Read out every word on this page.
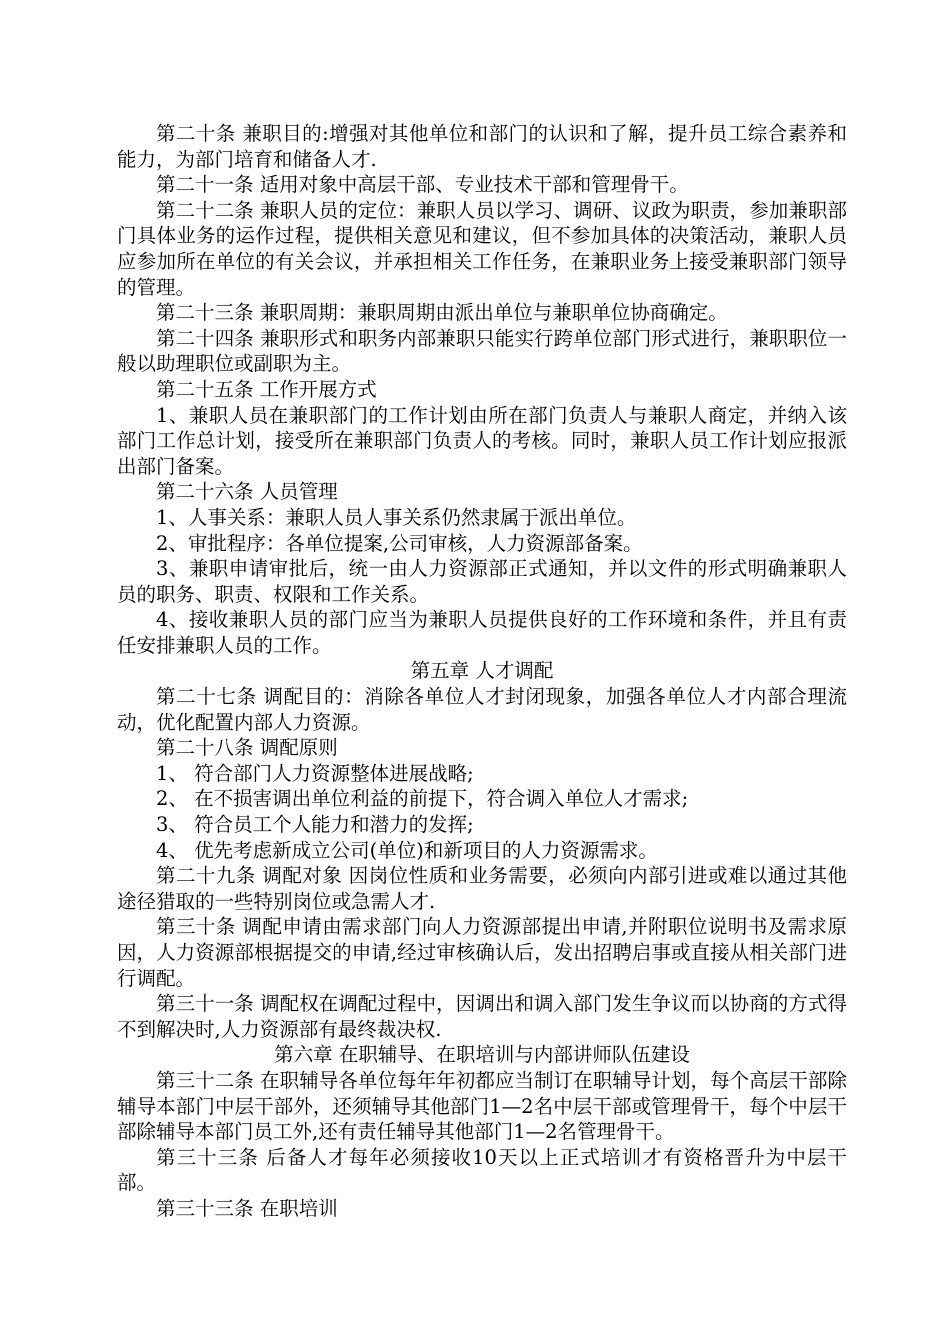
第二十条 兼职目的:增强对其他单位和部门的认识和了解，提升员工综合素养和能力，为部门培育和储备人才.

第二十一条 适用对象中高层干部、专业技术干部和管理骨干。

第二十二条 兼职人员的定位：兼职人员以学习、调研、议政为职责，参加兼职部门具体业务的运作过程，提供相关意见和建议，但不参加具体的决策活动，兼职人员应参加所在单位的有关会议，并承担相关工作任务，在兼职业务上接受兼职部门领导的管理。

第二十三条 兼职周期：兼职周期由派出单位与兼职单位协商确定。

第二十四条 兼职形式和职务内部兼职只能实行跨单位部门形式进行，兼职职位一般以助理职位或副职为主。

第二十五条 工作开展方式

1、兼职人员在兼职部门的工作计划由所在部门负责人与兼职人商定，并纳入该部门工作总计划，接受所在兼职部门负责人的考核。同时，兼职人员工作计划应报派出部门备案。

第二十六条 人员管理

1、人事关系：兼职人员人事关系仍然隶属于派出单位。

2、审批程序：各单位提案,公司审核，人力资源部备案。

3、兼职申请审批后，统一由人力资源部正式通知，并以文件的形式明确兼职人员的职务、职责、权限和工作关系。

4、接收兼职人员的部门应当为兼职人员提供良好的工作环境和条件，并且有责任安排兼职人员的工作。

第五章 人才调配

第二十七条 调配目的：消除各单位人才封闭现象，加强各单位人才内部合理流动，优化配置内部人力资源。

第二十八条 调配原则

1、 符合部门人力资源整体进展战略;

2、 在不损害调出单位利益的前提下，符合调入单位人才需求;

3、 符合员工个人能力和潜力的发挥;

4、 优先考虑新成立公司(单位)和新项目的人力资源需求。

第二十九条 调配对象 因岗位性质和业务需要，必须向内部引进或难以通过其他途径猎取的一些特别岗位或急需人才.

第三十条 调配申请由需求部门向人力资源部提出申请,并附职位说明书及需求原因，人力资源部根据提交的申请,经过审核确认后，发出招聘启事或直接从相关部门进行调配。

第三十一条 调配权在调配过程中，因调出和调入部门发生争议而以协商的方式得不到解决时,人力资源部有最终裁决权.

第六章 在职辅导、在职培训与内部讲师队伍建设

第三十二条 在职辅导各单位每年年初都应当制订在职辅导计划，每个高层干部除辅导本部门中层干部外，还须辅导其他部门1—2名中层干部或管理骨干，每个中层干部除辅导本部门员工外,还有责任辅导其他部门1—2名管理骨干。

第三十三条 后备人才每年必须接收10天以上正式培训才有资格晋升为中层干部。

第三十三条 在职培训
